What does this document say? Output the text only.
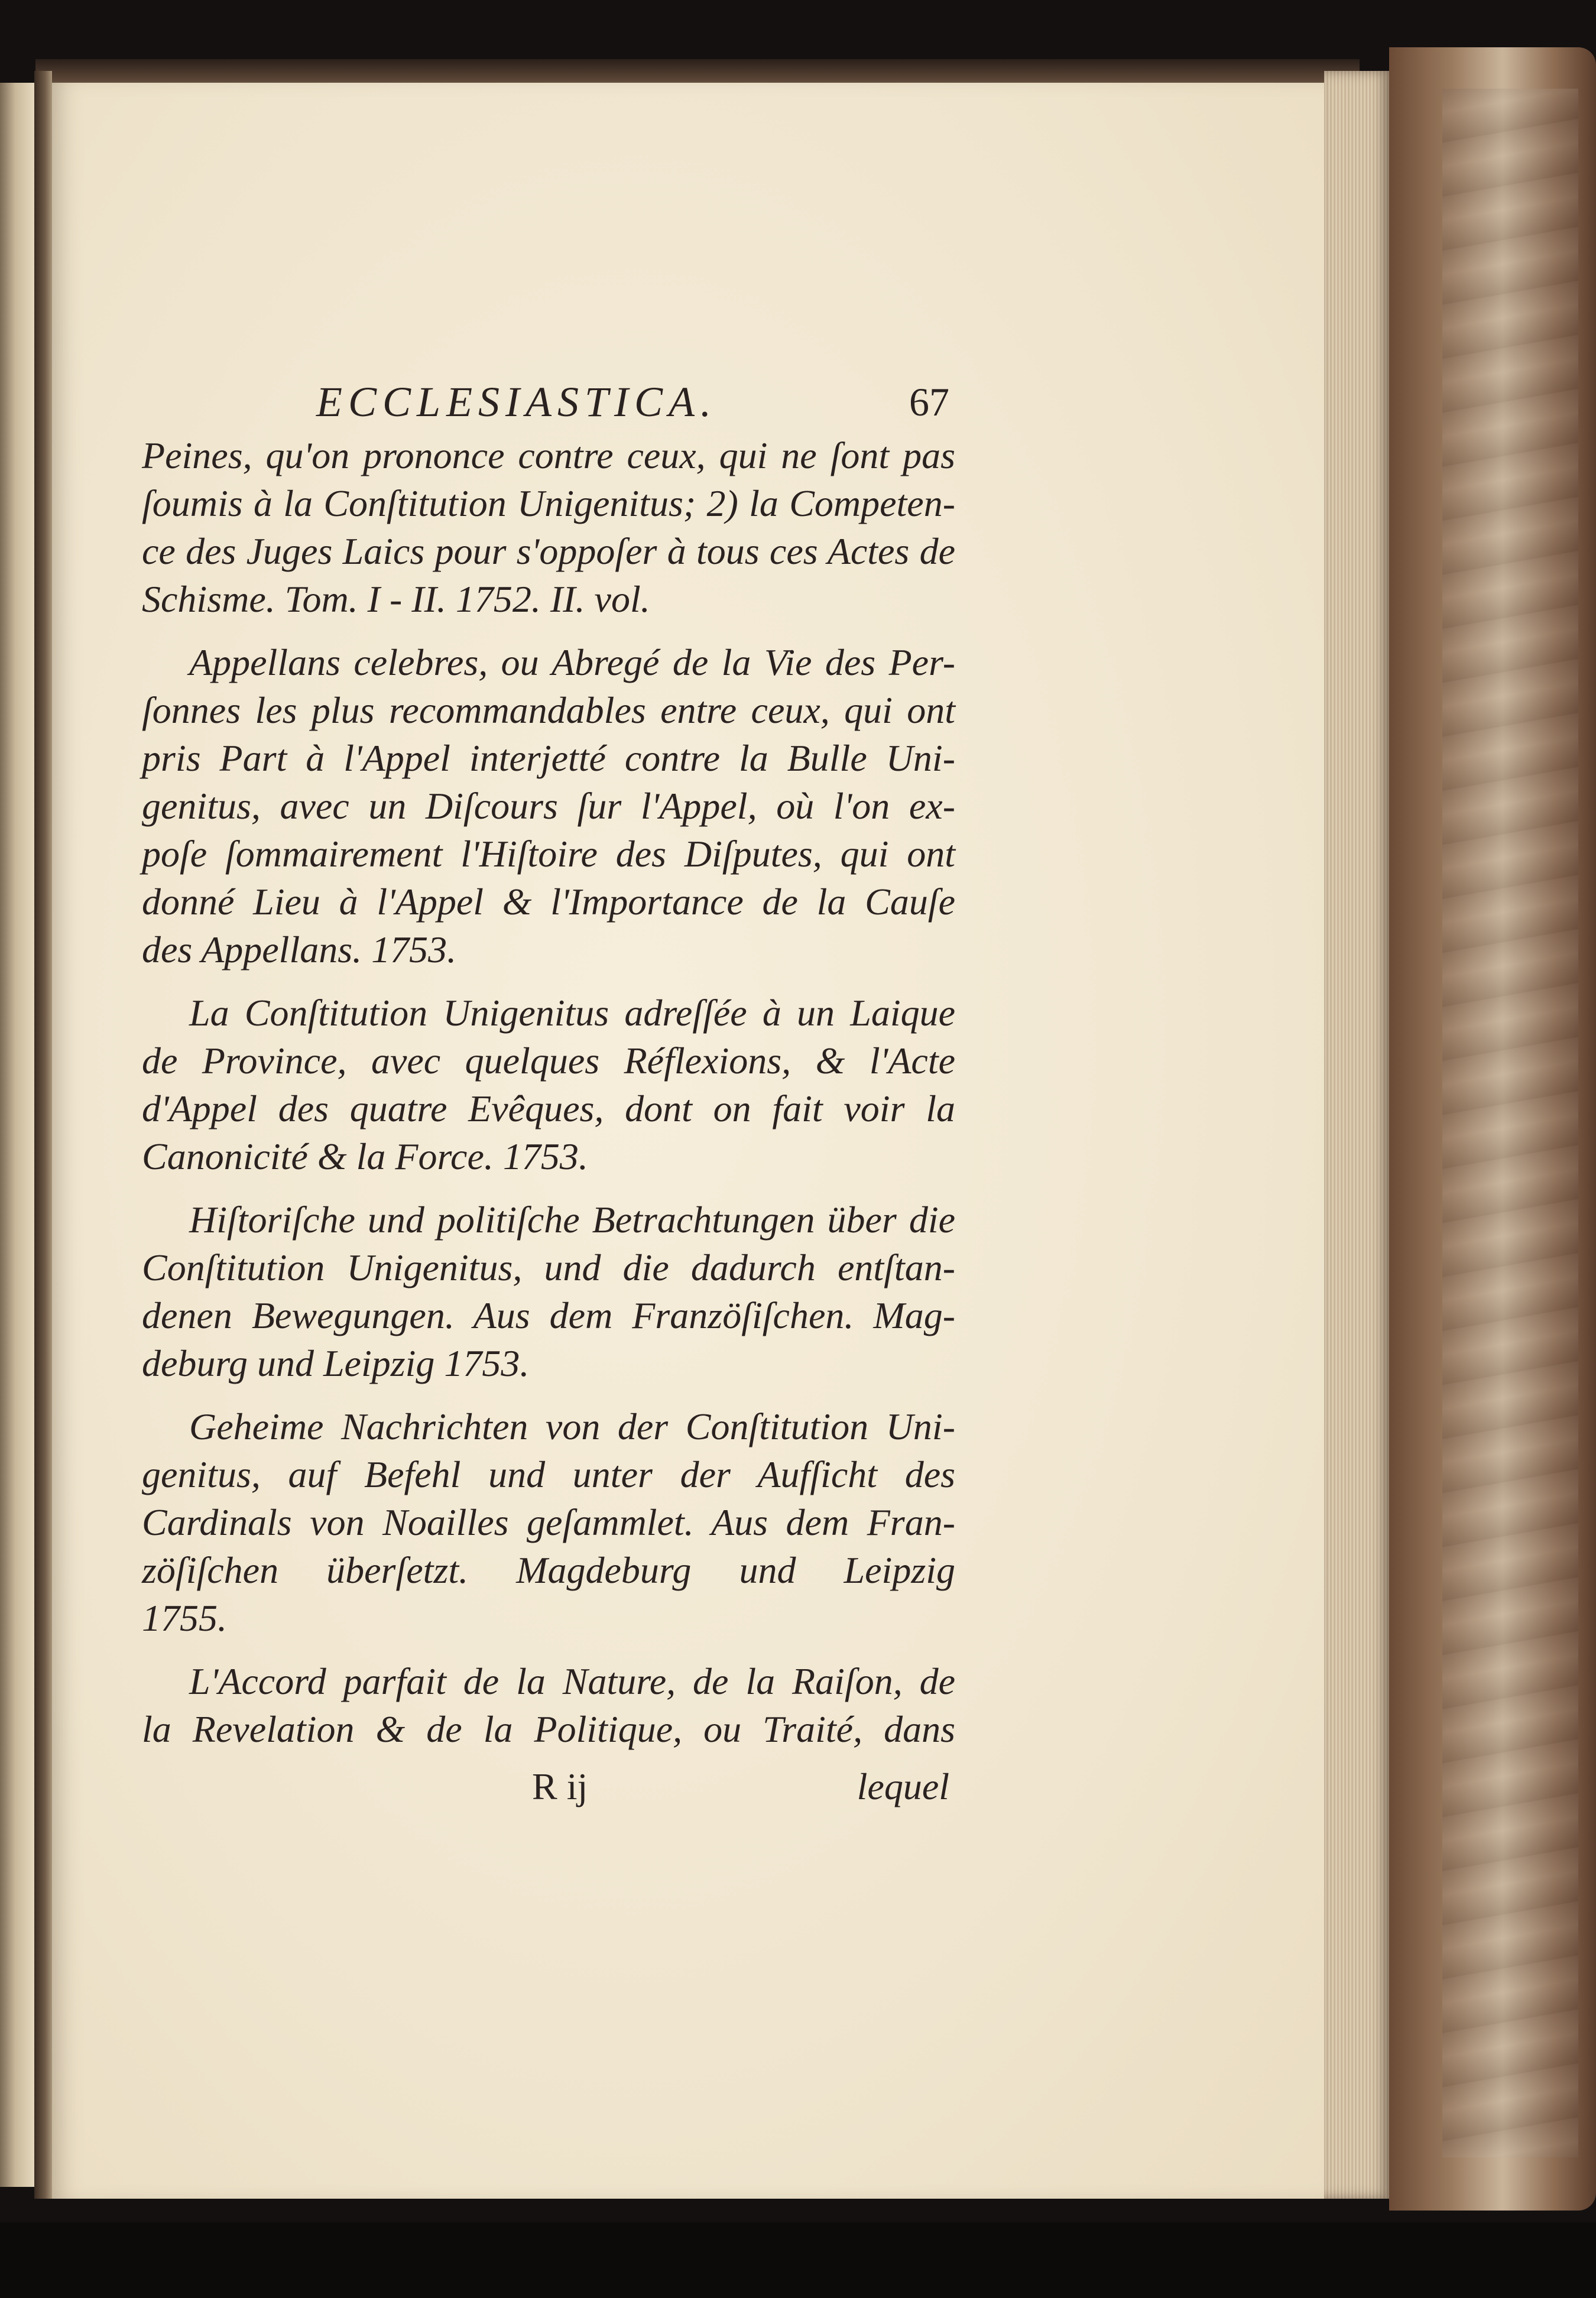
ECCLESIASTICA.	67
Peines, qu'on prononce contre ceux, qui ne ſont pas
ſoumis à la Conſtitution Unigenitus; 2) la Competen-
ce des Juges Laics pour s'oppoſer à tous ces Actes de
Schisme. Tom. I - II. 1752. II. vol.
Appellans celebres, ou Abregé de la Vie des Per-
ſonnes les plus recommandables entre ceux, qui ont
pris Part à l'Appel interjetté contre la Bulle Uni-
genitus, avec un Diſcours ſur l'Appel, où l'on ex-
poſe ſommairement l'Hiſtoire des Diſputes, qui ont
donné Lieu à l'Appel & l'Importance de la Cauſe
des Appellans. 1753.
La Conſtitution Unigenitus adreſſée à un Laique
de Province, avec quelques Réflexions, & l'Acte
d'Appel des quatre Evêques, dont on fait voir la
Canonicité & la Force. 1753.
Hiſtoriſche und politiſche Betrachtungen über die
Conſtitution Unigenitus, und die dadurch entſtan-
denen Bewegungen. Aus dem Franzöſiſchen. Mag-
deburg und Leipzig 1753.
Geheime Nachrichten von der Conſtitution Uni-
genitus, auf Befehl und unter der Aufſicht des
Cardinals von Noailles geſammlet. Aus dem Fran-
zöſiſchen überſetzt. Magdeburg und Leipzig
1755.
L'Accord parfait de la Nature, de la Raiſon, de
la Revelation & de la Politique, ou Traité, dans
R ij	lequel
